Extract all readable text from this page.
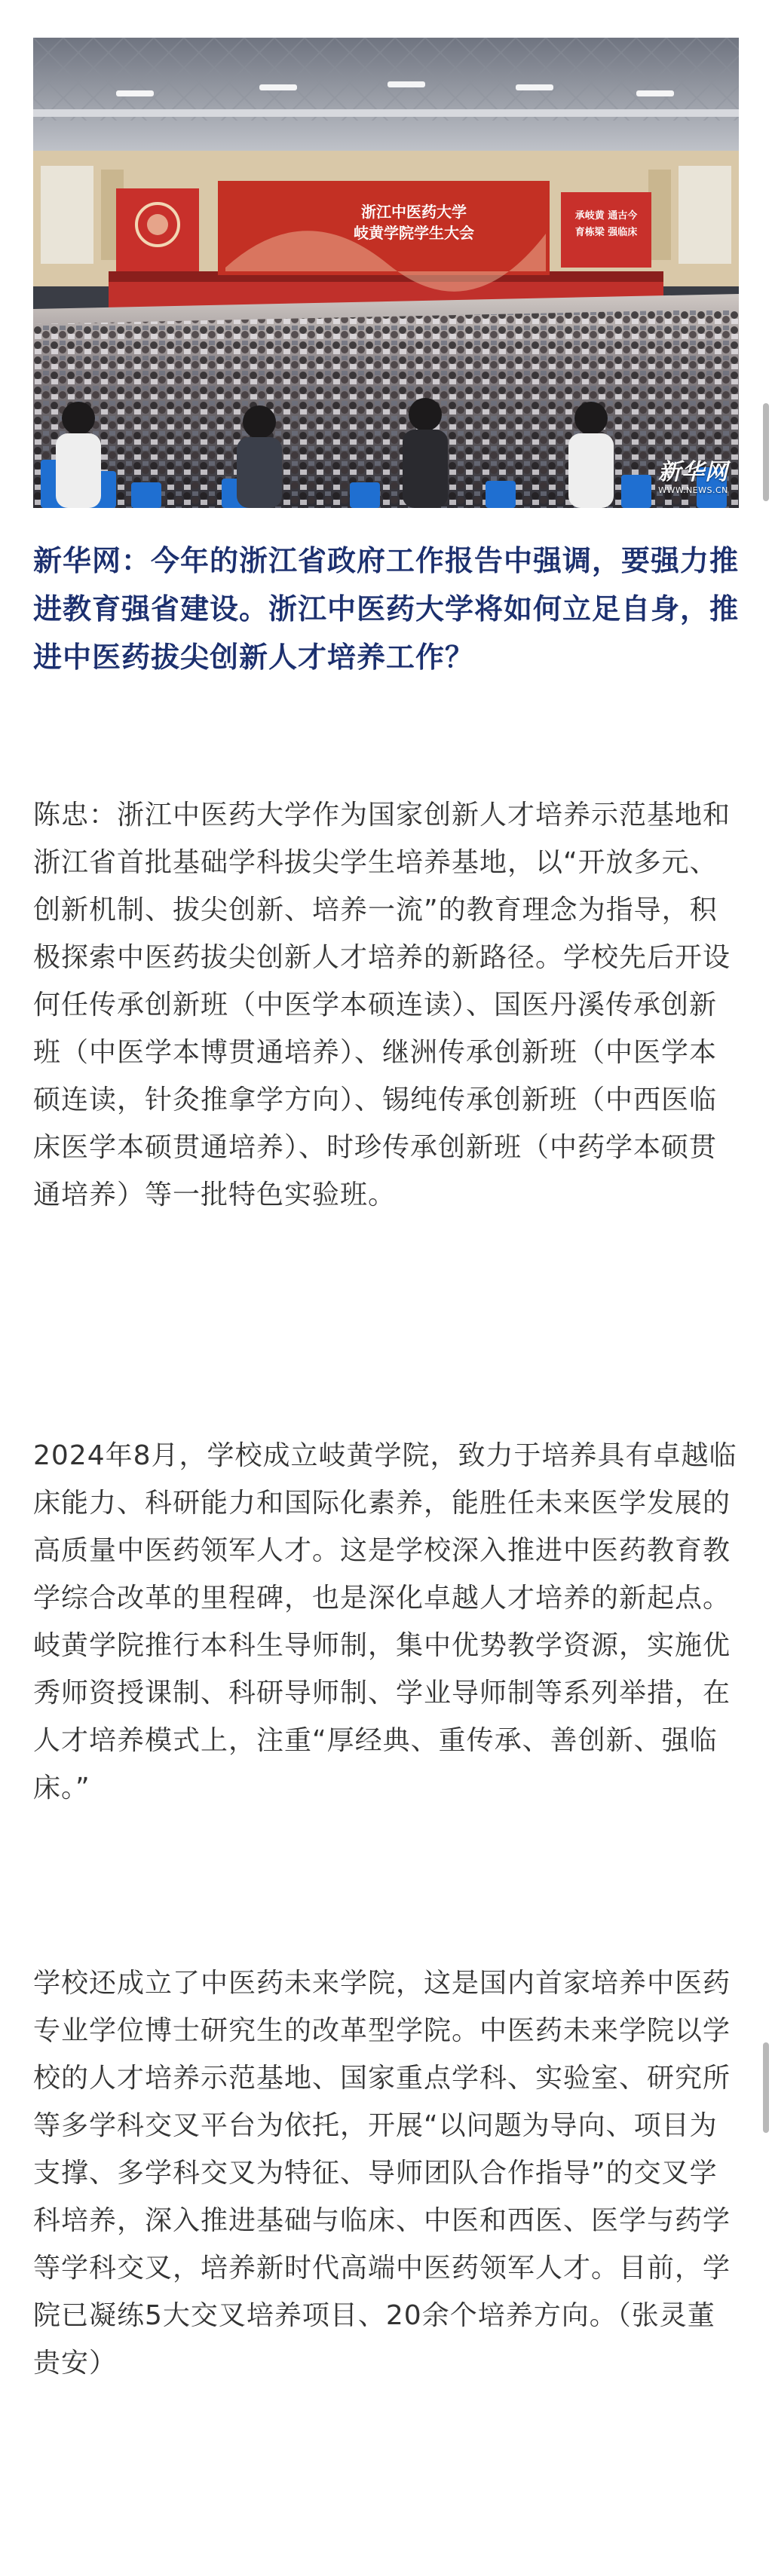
浙江中医药大学
岐黄学院学生大会
承岐黄 通古今
育栋梁 强临床
新华网
WWW.NEWS.CN

新华网：今年的浙江省政府工作报告中强调，要强力推进教育强省建设。浙江中医药大学将如何立足自身，推进中医药拔尖创新人才培养工作？

陈忠：浙江中医药大学作为国家创新人才培养示范基地和浙江省首批基础学科拔尖学生培养基地，以“开放多元、创新机制、拔尖创新、培养一流”的教育理念为指导，积极探索中医药拔尖创新人才培养的新路径。学校先后开设何任传承创新班（中医学本硕连读）、国医丹溪传承创新班（中医学本博贯通培养）、继洲传承创新班（中医学本硕连读，针灸推拿学方向）、锡纯传承创新班（中西医临床医学本硕贯通培养）、时珍传承创新班（中药学本硕贯通培养）等一批特色实验班。

2024年8月，学校成立岐黄学院，致力于培养具有卓越临床能力、科研能力和国际化素养，能胜任未来医学发展的高质量中医药领军人才。这是学校深入推进中医药教育教学综合改革的里程碑，也是深化卓越人才培养的新起点。岐黄学院推行本科生导师制，集中优势教学资源，实施优秀师资授课制、科研导师制、学业导师制等系列举措，在人才培养模式上，注重“厚经典、重传承、善创新、强临床。”

学校还成立了中医药未来学院，这是国内首家培养中医药专业学位博士研究生的改革型学院。中医药未来学院以学校的人才培养示范基地、国家重点学科、实验室、研究所等多学科交叉平台为依托，开展“以问题为导向、项目为支撑、多学科交叉为特征、导师团队合作指导”的交叉学科培养，深入推进基础与临床、中医和西医、医学与药学等学科交叉，培养新时代高端中医药领军人才。目前，学院已凝练5大交叉培养项目、20余个培养方向。（张灵董贵安）
